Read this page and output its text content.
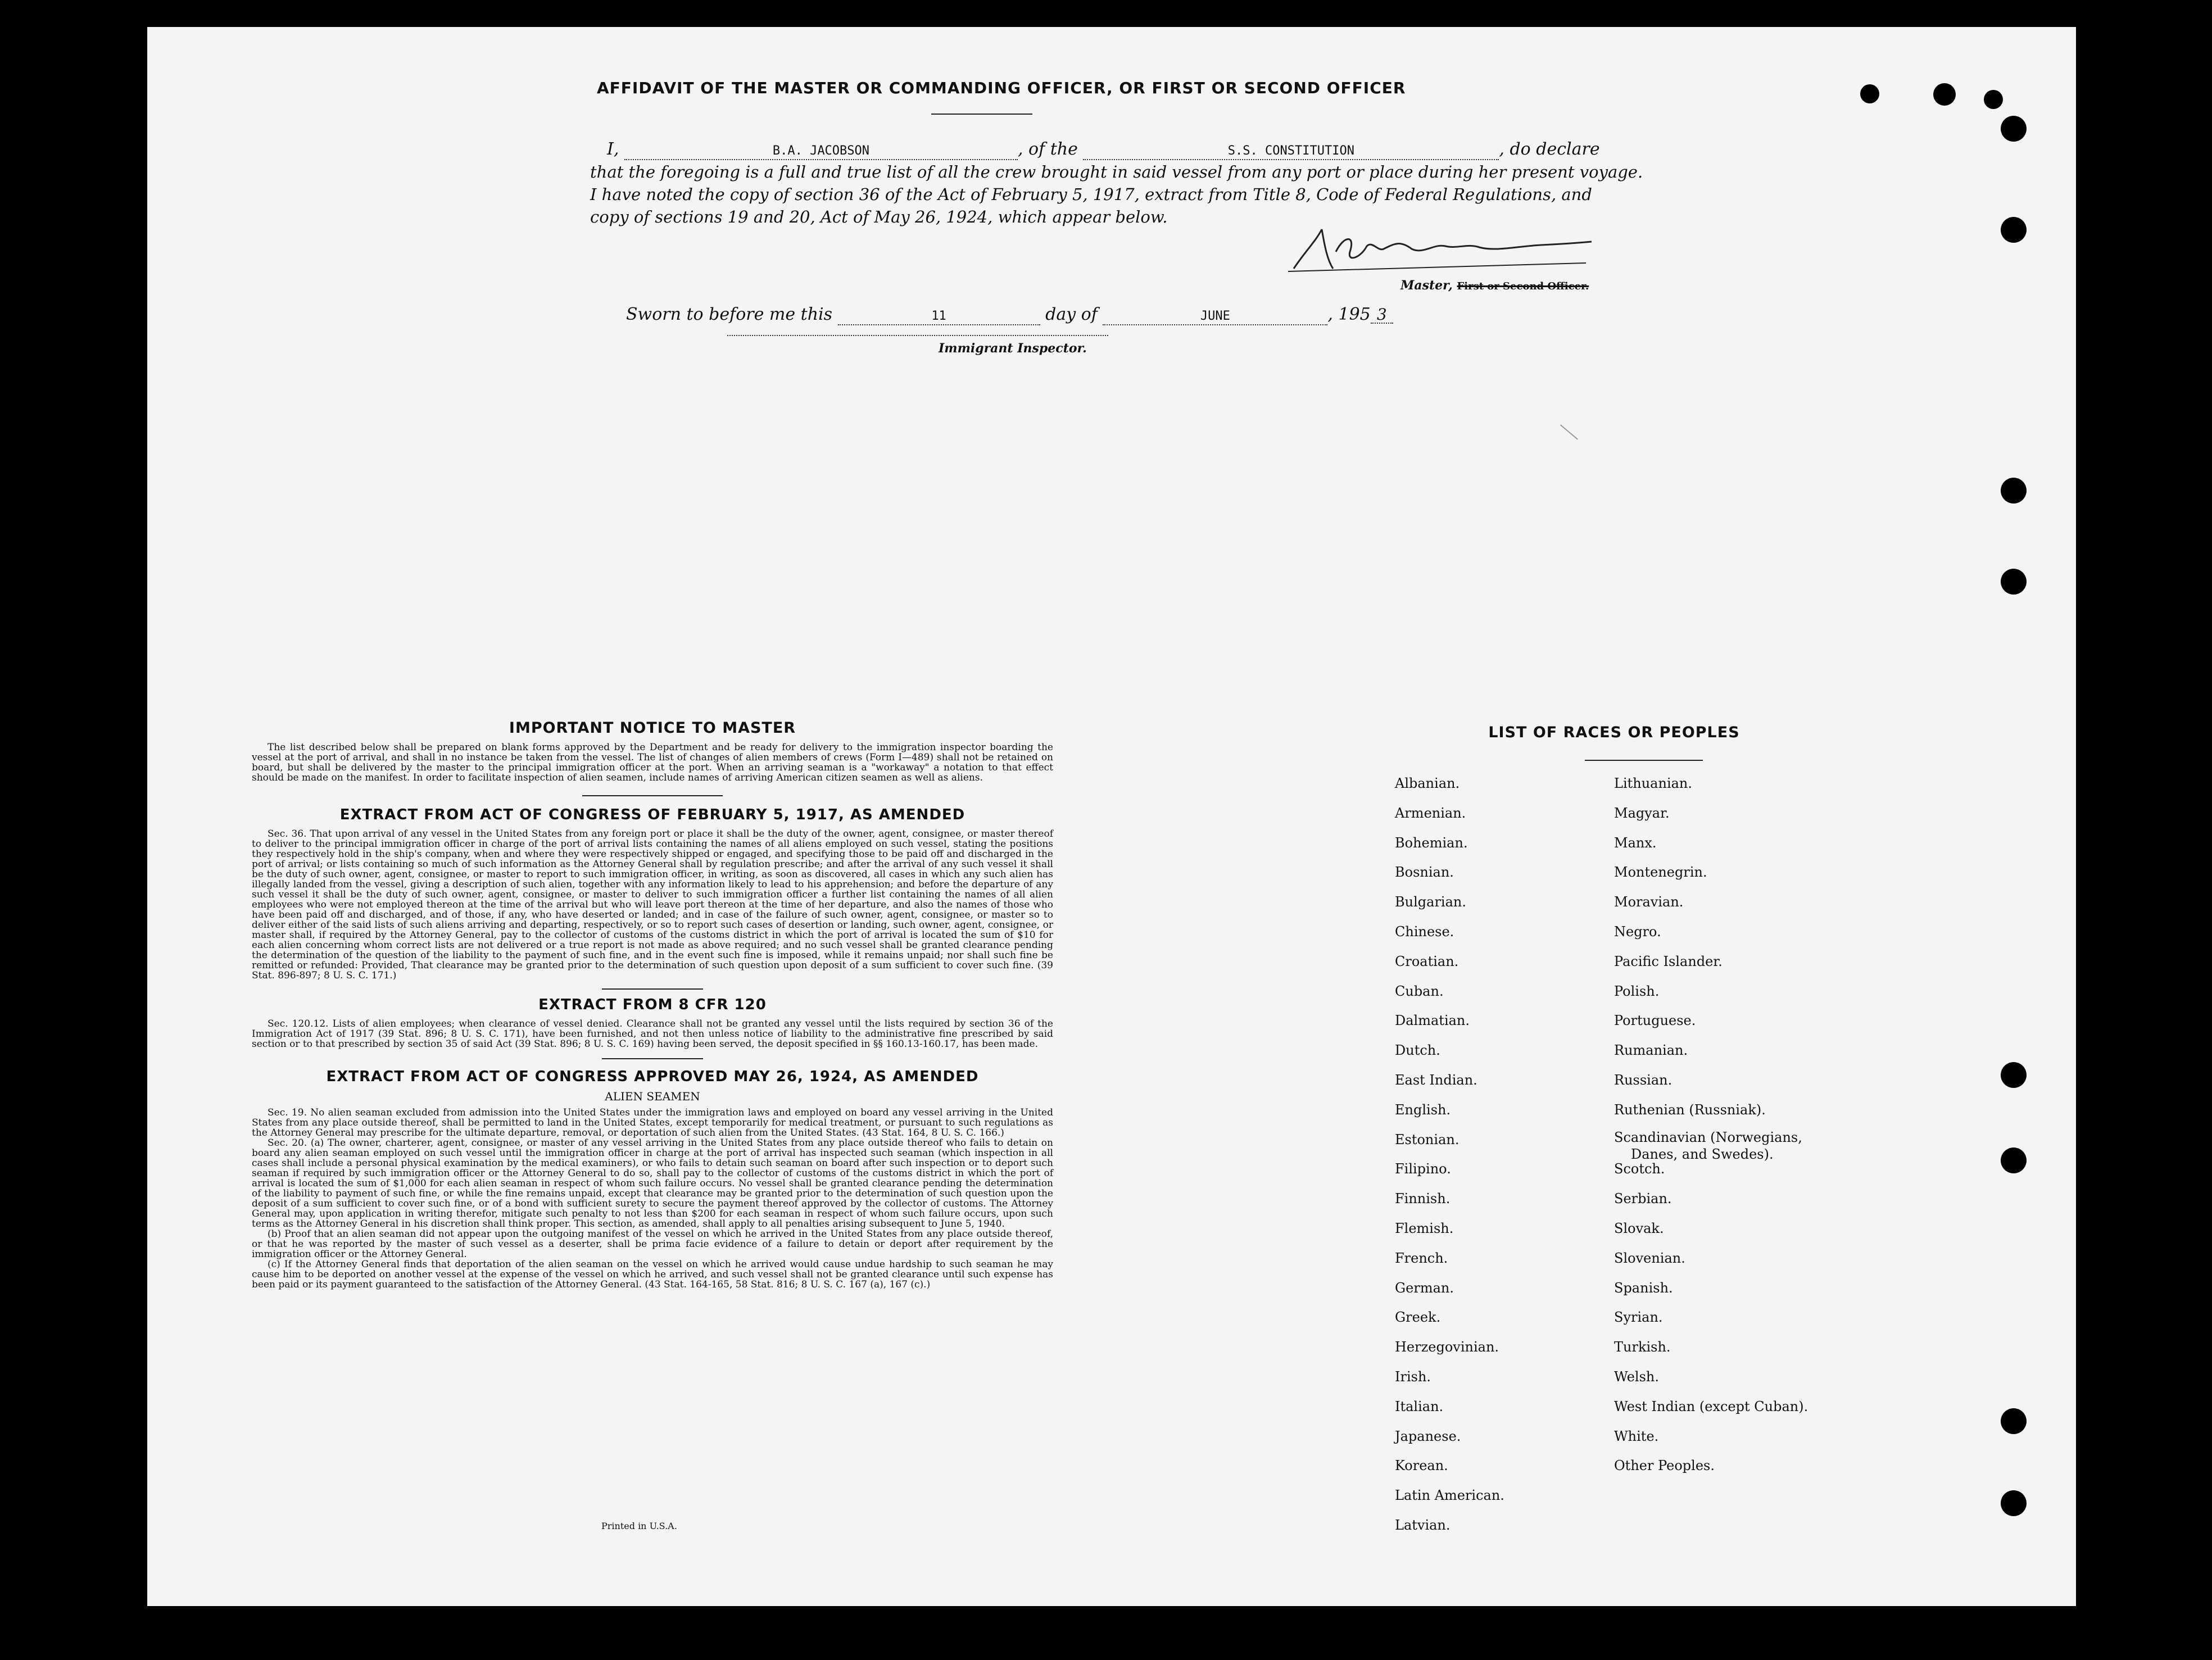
AFFIDAVIT OF THE MASTER OR COMMANDING OFFICER, OR FIRST OR SECOND OFFICER
I,	B.A. JACOBSON	, of the	S.S. CONSTITUTION	, do declare
that the foregoing is a full and true list of all the crew brought in said vessel from any port or place during her present voyage.
I have noted the copy of section 36 of the Act of February 5, 1917, extract from Title 8, Code of Federal Regulations, and
copy of sections 19 and 20, Act of May 26, 1924, which appear below.
Master, First or Second Officer.
Sworn to before me this	11	day of	JUNE	, 195 3
Immigrant Inspector.
IMPORTANT NOTICE TO MASTER
The list described below shall be prepared on blank forms approved by the Department and be ready for delivery to the immigration inspector boarding the vessel at the port of arrival, and shall in no instance be taken from the vessel. The list of changes of alien members of crews (Form I—489) shall not be retained on board, but shall be delivered by the master to the principal immigration officer at the port. When an arriving seaman is a "workaway" a notation to that effect should be made on the manifest. In order to facilitate inspection of alien seamen, include names of arriving American citizen seamen as well as aliens.
EXTRACT FROM ACT OF CONGRESS OF FEBRUARY 5, 1917, AS AMENDED
Sec. 36. That upon arrival of any vessel in the United States from any foreign port or place it shall be the duty of the owner, agent, consignee, or master thereof to deliver to the principal immigration officer in charge of the port of arrival lists containing the names of all aliens employed on such vessel, stating the positions they respectively hold in the ship's company, when and where they were respectively shipped or engaged, and specifying those to be paid off and discharged in the port of arrival; or lists containing so much of such information as the Attorney General shall by regulation prescribe; and after the arrival of any such vessel it shall be the duty of such owner, agent, consignee, or master to report to such immigration officer, in writing, as soon as discovered, all cases in which any such alien has illegally landed from the vessel, giving a description of such alien, together with any information likely to lead to his apprehension; and before the departure of any such vessel it shall be the duty of such owner, agent, consignee, or master to deliver to such immigration officer a further list containing the names of all alien employees who were not employed thereon at the time of the arrival but who will leave port thereon at the time of her departure, and also the names of those who have been paid off and discharged, and of those, if any, who have deserted or landed; and in case of the failure of such owner, agent, consignee, or master so to deliver either of the said lists of such aliens arriving and departing, respectively, or so to report such cases of desertion or landing, such owner, agent, consignee, or master shall, if required by the Attorney General, pay to the collector of customs of the customs district in which the port of arrival is located the sum of $10 for each alien concerning whom correct lists are not delivered or a true report is not made as above required; and no such vessel shall be granted clearance pending the determination of the question of the liability to the payment of such fine, and in the event such fine is imposed, while it remains unpaid; nor shall such fine be remitted or refunded: Provided, That clearance may be granted prior to the determination of such question upon deposit of a sum sufficient to cover such fine. (39 Stat. 896-897; 8 U. S. C. 171.)
EXTRACT FROM 8 CFR 120
Sec. 120.12. Lists of alien employees; when clearance of vessel denied. Clearance shall not be granted any vessel until the lists required by section 36 of the Immigration Act of 1917 (39 Stat. 896; 8 U. S. C. 171), have been furnished, and not then unless notice of liability to the administrative fine prescribed by said section or to that prescribed by section 35 of said Act (39 Stat. 896; 8 U. S. C. 169) having been served, the deposit specified in §§ 160.13-160.17, has been made.
EXTRACT FROM ACT OF CONGRESS APPROVED MAY 26, 1924, AS AMENDED
ALIEN SEAMEN
Sec. 19. No alien seaman excluded from admission into the United States under the immigration laws and employed on board any vessel arriving in the United States from any place outside thereof, shall be permitted to land in the United States, except temporarily for medical treatment, or pursuant to such regulations as the Attorney General may prescribe for the ultimate departure, removal, or deportation of such alien from the United States. (43 Stat. 164, 8 U. S. C. 166.)
Sec. 20. (a) The owner, charterer, agent, consignee, or master of any vessel arriving in the United States from any place outside thereof who fails to detain on board any alien seaman employed on such vessel until the immigration officer in charge at the port of arrival has inspected such seaman (which inspection in all cases shall include a personal physical examination by the medical examiners), or who fails to detain such seaman on board after such inspection or to deport such seaman if required by such immigration officer or the Attorney General to do so, shall pay to the collector of customs of the customs district in which the port of arrival is located the sum of $1,000 for each alien seaman in respect of whom such failure occurs. No vessel shall be granted clearance pending the determination of the liability to payment of such fine, or while the fine remains unpaid, except that clearance may be granted prior to the determination of such question upon the deposit of a sum sufficient to cover such fine, or of a bond with sufficient surety to secure the payment thereof approved by the collector of customs. The Attorney General may, upon application in writing therefor, mitigate such penalty to not less than $200 for each seaman in respect of whom such failure occurs, upon such terms as the Attorney General in his discretion shall think proper. This section, as amended, shall apply to all penalties arising subsequent to June 5, 1940.
(b) Proof that an alien seaman did not appear upon the outgoing manifest of the vessel on which he arrived in the United States from any place outside thereof, or that he was reported by the master of such vessel as a deserter, shall be prima facie evidence of a failure to detain or deport after requirement by the immigration officer or the Attorney General.
(c) If the Attorney General finds that deportation of the alien seaman on the vessel on which he arrived would cause undue hardship to such seaman he may cause him to be deported on another vessel at the expense of the vessel on which he arrived, and such vessel shall not be granted clearance until such expense has been paid or its payment guaranteed to the satisfaction of the Attorney General. (43 Stat. 164-165, 58 Stat. 816; 8 U. S. C. 167 (a), 167 (c).)
Printed in U.S.A.
LIST OF RACES OR PEOPLES
Albanian.
Armenian.
Bohemian.
Bosnian.
Bulgarian.
Chinese.
Croatian.
Cuban.
Dalmatian.
Dutch.
East Indian.
English.
Estonian.
Filipino.
Finnish.
Flemish.
French.
German.
Greek.
Herzegovinian.
Irish.
Italian.
Japanese.
Korean.
Latin American.
Latvian.
Lithuanian.
Magyar.
Manx.
Montenegrin.
Moravian.
Negro.
Pacific Islander.
Polish.
Portuguese.
Rumanian.
Russian.
Ruthenian (Russniak).
Scandinavian (Norwegians,
Danes, and Swedes).
Scotch.
Serbian.
Slovak.
Slovenian.
Spanish.
Syrian.
Turkish.
Welsh.
West Indian (except Cuban).
White.
Other Peoples.
